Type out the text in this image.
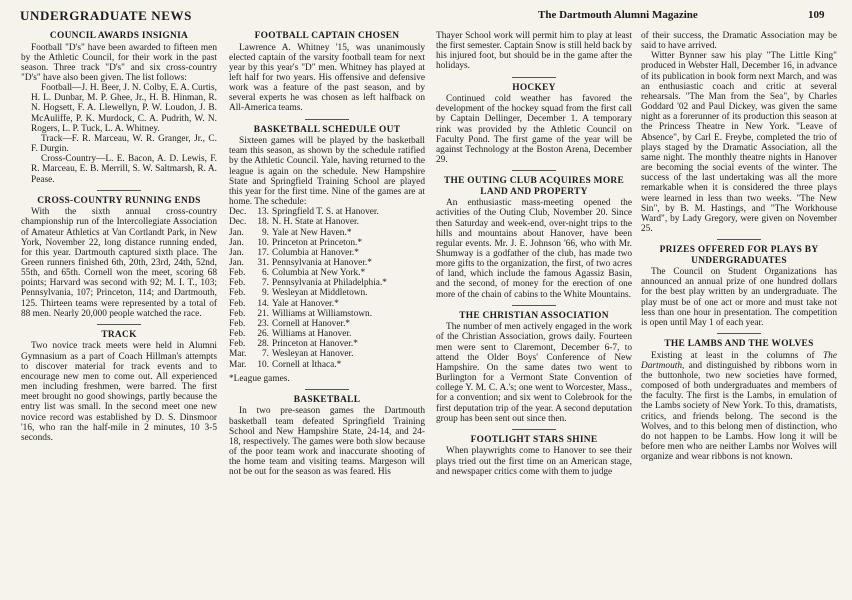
UNDERGRADUATE NEWS	The Dartmouth Alumni Magazine	109
COUNCIL AWARDS INSIGNIA

Football "D's" have been awarded to fifteen men by the Athletic Council, for their work in the past season. Three track "D's" and six cross-country "D's" have also been given. The list follows:

Football—J. H. Beer, J. N. Colby, E. A. Curtis, H. L. Dunbar, M. P. Ghee, Jr., H. B. Hinman, R. N. Hogsett, F. A. Llewellyn, P. W. Loudon, J. B. McAuliffe, P. K. Murdock, C. A. Pudrith, W. N. Rogers, L. P. Tuck, L. A. Whitney.

Track—F. R. Marceau, W. R. Granger, Jr., C. F. Durgin.

Cross-Country—L. E. Bacon, A. D. Lewis, F. R. Marceau, E. B. Merrill, S. W. Saltmarsh, R. A. Pease.

CROSS-COUNTRY RUNNING ENDS

With the sixth annual cross-country championship run of the Intercollegiate Association of Amateur Athletics at Van Cortlandt Park, in New York, November 22, long distance running ended, for this year. Dartmouth captured sixth place. The Green runners finished 6th, 20th, 23rd, 24th, 52nd, 55th, and 65th. Cornell won the meet, scoring 68 points; Harvard was second with 92; M. I. T., 103; Pennsylvania, 107; Princeton, 114; and Dartmouth, 125. Thirteen teams were represented by a total of 88 men. Nearly 20,000 people watched the race.

TRACK

Two novice track meets were held in Alumni Gymnasium as a part of Coach Hillman's attempts to discover material for track events and to encourage new men to come out. All experienced men including freshmen, were barred. The first meet brought no good showings, partly because the entry list was small. In the second meet one new novice record was established by D. S. Dinsmoor '16, who ran the half-mile in 2 minutes, 10 3-5 seconds.

FOOTBALL CAPTAIN CHOSEN

Lawrence A. Whitney '15, was unanimously elected captain of the varsity football team for next year by this year's "D" men. Whitney has played at left half for two years. His offensive and defensive work was a feature of the past season, and by several experts he was chosen as left halfback on All-America teams.

BASKETBALL SCHEDULE OUT

Sixteen games will be played by the basketball team this season, as shown by the schedule ratified by the Athletic Council. Yale, having returned to the league is again on the schedule. New Hampshire State and Springfield Training School are played this year for the first time. Nine of the games are at home. The schedule:

Dec.	13.	Springfield T. S. at Hanover.
Dec.	18.	N. H. State at Hanover.
Jan.	9.	Yale at New Haven.*
Jan.	10.	Princeton at Princeton.*
Jan.	17.	Columbia at Hanover.*
Jan.	31.	Pennsylvania at Hanover.*
Feb.	6.	Columbia at New York.*
Feb.	7.	Pennsylvania at Philadelphia.*
Feb.	9.	Wesleyan at Middletown.
Feb.	14.	Yale at Hanover.*
Feb.	21.	Williams at Williamstown.
Feb.	23.	Cornell at Hanover.*
Feb.	26.	Williams at Hanover.
Feb.	28.	Princeton at Hanover.*
Mar.	7.	Wesleyan at Hanover.
Mar.	10.	Cornell at Ithaca.*

*League games.

BASKETBALL

In two pre-season games the Dartmouth basketball team defeated Springfield Training School and New Hampshire State, 24-14, and 24-18, respectively. The games were both slow because of the poor team work and inaccurate shooting of the home team and visiting teams. Margeson will not be out for the season as was feared. His

Thayer School work will permit him to play at least the first semester. Captain Snow is still held back by his injured foot, but should be in the game after the holidays.

HOCKEY

Continued cold weather has favored the development of the hockey squad from the first call by Captain Dellinger, December 1. A temporary rink was provided by the Athletic Council on Faculty Pond. The first game of the year will be against Technology at the Boston Arena, December 29.

THE OUTING CLUB ACQUIRES MORE LAND AND PROPERTY

An enthusiastic mass-meeting opened the activities of the Outing Club, November 20. Since then Saturday and week-end, over-night trips to the hills and mountains about Hanover, have been regular events. Mr. J. E. Johnson '66, who with Mr. Shumway is a godfather of the club, has made two more gifts to the organization, the first, of two acres of land, which include the famous Agassiz Basin, and the second, of money for the erection of one more of the chain of cabins to the White Mountains.

THE CHRISTIAN ASSOCIATION

The number of men actively engaged in the work of the Christian Association, grows daily. Fourteen men were sent to Claremont, December 6-7, to attend the Older Boys' Conference of New Hampshire. On the same dates two went to Burlington for a Vermont State Convention of college Y. M. C. A.'s; one went to Worcester, Mass., for a convention; and six went to Colebrook for the first deputation trip of the year. A second deputation group has been sent out since then.

FOOTLIGHT STARS SHINE

When playwrights come to Hanover to see their plays tried out the first time on an American stage, and newspaper critics come with them to judge

of their success, the Dramatic Association may be said to have arrived.

Witter Bynner saw his play "The Little King" produced in Webster Hall, December 16, in advance of its publication in book form next March, and was an enthusiastic coach and critic at several rehearsals. "The Man from the Sea", by Charles Goddard '02 and Paul Dickey, was given the same night as a forerunner of its production this season at the Princess Theatre in New York. "Leave of Absence", by Carl E. Freybe, completed the trio of plays staged by the Dramatic Association, all the same night. The monthly theatre nights in Hanover are becoming the social events of the winter. The success of the last undertaking was all the more remarkable when it is considered the three plays were learned in less than two weeks. "The New Sin", by B. M. Hastings, and "The Workhouse Ward", by Lady Gregory, were given on November 25.

PRIZES OFFERED FOR PLAYS BY UNDERGRADUATES

The Council on Student Organizations has announced an annual prize of one hundred dollars for the best play written by an undergraduate. The play must be of one act or more and must take not less than one hour in presentation. The competition is open until May 1 of each year.

THE LAMBS AND THE WOLVES

Existing at least in the columns of The Dartmouth, and distinguished by ribbons worn in the buttonhole, two new societies have formed, composed of both undergraduates and members of the faculty. The first is the Lambs, in emulation of the Lambs society of New York. To this, dramatists, critics, and friends belong. The second is the Wolves, and to this belong men of distinction, who do not happen to be Lambs. How long it will be before men who are neither Lambs nor Wolves will organize and wear ribbons is not known.
